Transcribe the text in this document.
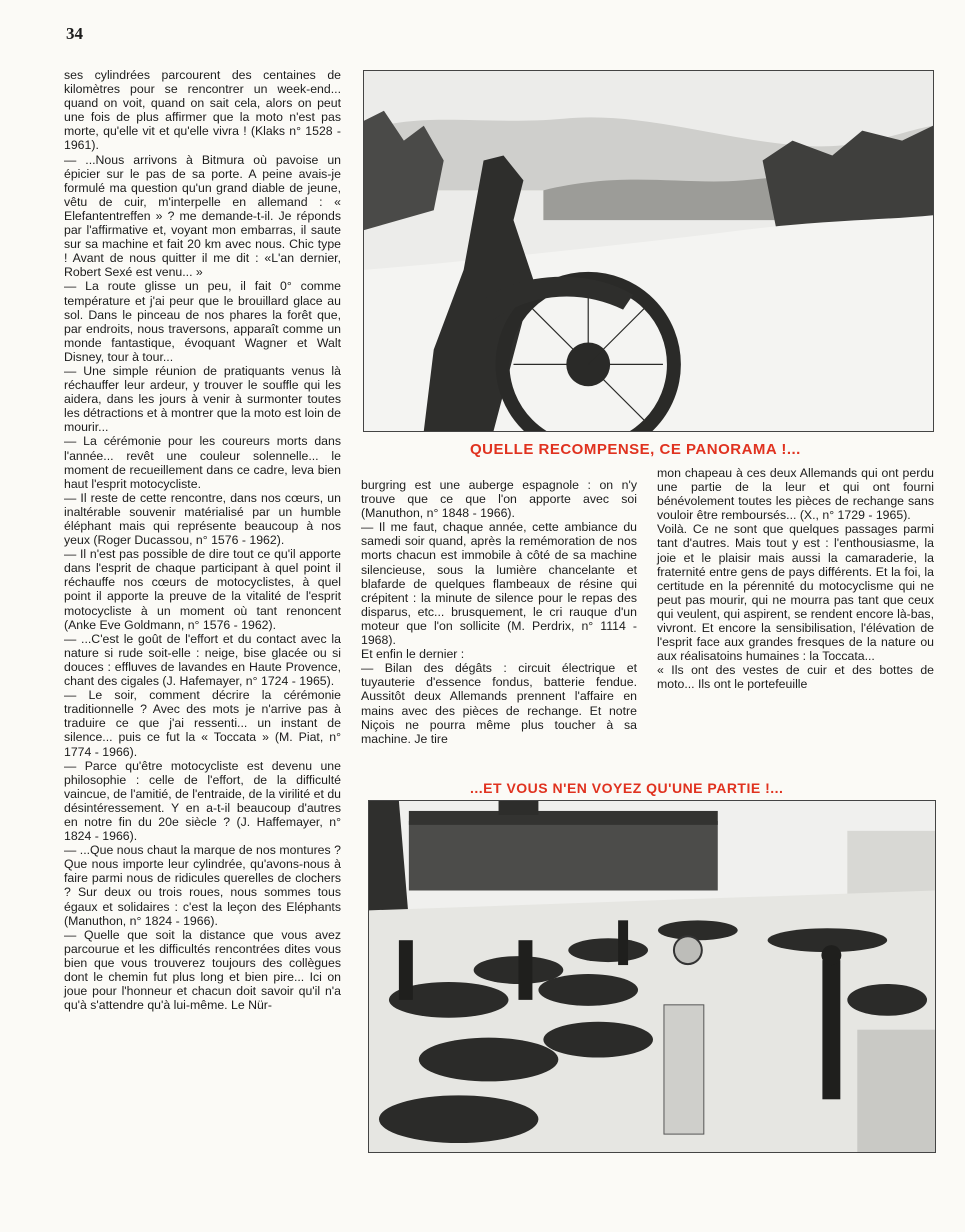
34

ses cylindrées parcourent des centaines de kilomètres pour se rencontrer un week-end... quand on voit, quand on sait cela, alors on peut une fois de plus affirmer que la moto n'est pas morte, qu'elle vit et qu'elle vivra ! (Klaks n° 1528 - 1961).

— ...Nous arrivons à Bitmura où pavoise un épicier sur le pas de sa porte. A peine avais-je formulé ma question qu'un grand diable de jeune, vêtu de cuir, m'interpelle en allemand : « Elefantentreffen » ? me demande-t-il. Je réponds par l'affirmative et, voyant mon embarras, il saute sur sa machine et fait 20 km avec nous. Chic type ! Avant de nous quitter il me dit : «L'an dernier, Robert Sexé est venu... »

— La route glisse un peu, il fait 0° comme température et j'ai peur que le brouillard glace au sol. Dans le pinceau de nos phares la forêt que, par endroits, nous traversons, apparaît comme un monde fantastique, évoquant Wagner et Walt Disney, tour à tour...

— Une simple réunion de pratiquants venus là réchauffer leur ardeur, y trouver le souffle qui les aidera, dans les jours à venir à surmonter toutes les détractions et à montrer que la moto est loin de mourir...

— La cérémonie pour les coureurs morts dans l'année... revêt une couleur solennelle... le moment de recueillement dans ce cadre, leva bien haut l'esprit motocycliste.

— Il reste de cette rencontre, dans nos cœurs, un inaltérable souvenir matérialisé par un humble éléphant mais qui représente beaucoup à nos yeux (Roger Ducassou, n° 1576 - 1962).

— Il n'est pas possible de dire tout ce qu'il apporte dans l'esprit de chaque participant à quel point il réchauffe nos cœurs de motocyclistes, à quel point il apporte la preuve de la vitalité de l'esprit motocycliste à un moment où tant renoncent (Anke Eve Goldmann, n° 1576 - 1962).

— ...C'est le goût de l'effort et du contact avec la nature si rude soit-elle : neige, bise glacée ou si douces : effluves de lavandes en Haute Provence, chant des cigales (J. Hafemayer, n° 1724 - 1965).

— Le soir, comment décrire la cérémonie traditionnelle ? Avec des mots je n'arrive pas à traduire ce que j'ai ressenti... un instant de silence... puis ce fut la « Toccata » (M. Piat, n° 1774 - 1966).

— Parce qu'être motocycliste est devenu une philosophie : celle de l'effort, de la difficulté vaincue, de l'amitié, de l'entraide, de la virilité et du désintéressement. Y en a-t-il beaucoup d'autres en notre fin du 20e siècle ? (J. Haffemayer, n° 1824 - 1966).

— ...Que nous chaut la marque de nos montures ? Que nous importe leur cylindrée, qu'avons-nous à faire parmi nous de ridicules querelles de clochers ? Sur deux ou trois roues, nous sommes tous égaux et solidaires : c'est la leçon des Eléphants (Manuthon, n° 1824 - 1966).

— Quelle que soit la distance que vous avez parcourue et les difficultés rencontrées dites vous bien que vous trouverez toujours des collègues dont le chemin fut plus long et bien pire... Ici on joue pour l'honneur et chacun doit savoir qu'il n'a qu'à s'attendre qu'à lui-même. Le Nür-

QUELLE RECOMPENSE, CE PANORAMA !...

burgring est une auberge espagnole : on n'y trouve que ce que l'on apporte avec soi (Manuthon, n° 1848 - 1966).

— Il me faut, chaque année, cette ambiance du samedi soir quand, après la remémoration de nos morts chacun est immobile à côté de sa machine silencieuse, sous la lumière chancelante et blafarde de quelques flambeaux de résine qui crépitent : la minute de silence pour le repas des disparus, etc... brusquement, le cri rauque d'un moteur que l'on sollicite (M. Perdrix, n° 1114 - 1968).

Et enfin le dernier :

— Bilan des dégâts : circuit électrique et tuyauterie d'essence fondus, batterie fendue. Aussitôt deux Allemands prennent l'affaire en mains avec des pièces de rechange. Et notre Niçois ne pourra même plus toucher à sa machine. Je tire

mon chapeau à ces deux Allemands qui ont perdu une partie de la leur et qui ont fourni bénévolement toutes les pièces de rechange sans vouloir être remboursés... (X., n° 1729 - 1965).

Voilà. Ce ne sont que quelques passages parmi tant d'autres. Mais tout y est : l'enthousiasme, la joie et le plaisir mais aussi la camaraderie, la fraternité entre gens de pays différents. Et la foi, la certitude en la pérennité du motocyclisme qui ne peut pas mourir, qui ne mourra pas tant que ceux qui veulent, qui aspirent, se rendent encore là-bas, vivront. Et encore la sensibilisation, l'élévation de l'esprit face aux grandes fresques de la nature ou aux réalisatoins humaines : la Toccata...

« Ils ont des vestes de cuir et des bottes de moto... Ils ont le portefeuille

...ET VOUS N'EN VOYEZ QU'UNE PARTIE !...
